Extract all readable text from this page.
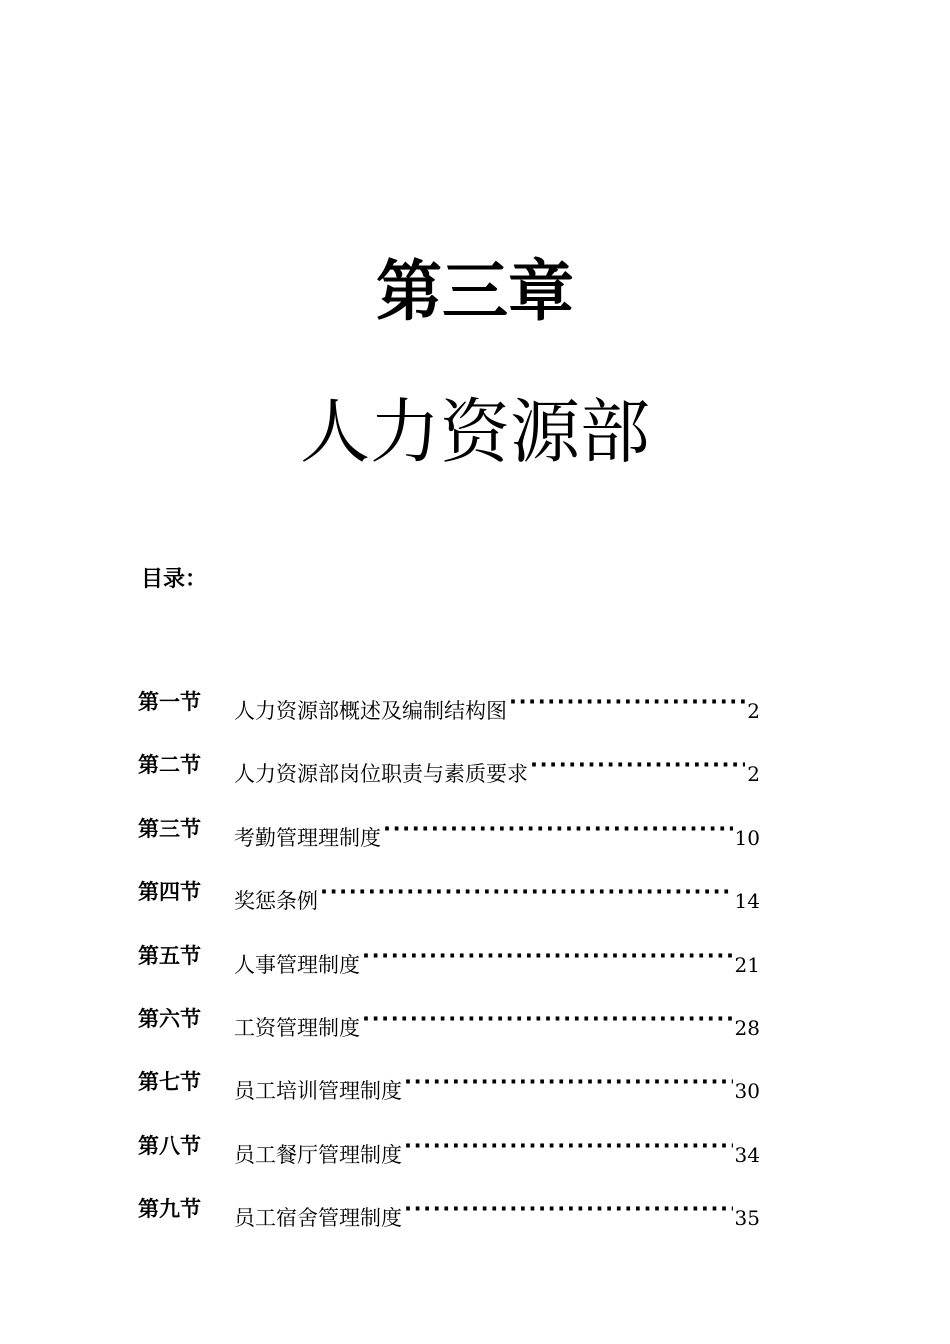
第三章
人力资源部
目录：
第一节 人力资源部概述及编制结构图 ·····	2
第二节 人力资源部岗位职责与素质要求 ·····	2
第三节 考勤管理理制度 ·····	10
第四节 奖惩条例 ·····	14
第五节 人事管理制度 ·····	21
第六节 工资管理制度 ·····	28
第七节 员工培训管理制度 ·····	30
第八节 员工餐厅管理制度 ·····	34
第九节 员工宿舍管理制度 ·····	35
